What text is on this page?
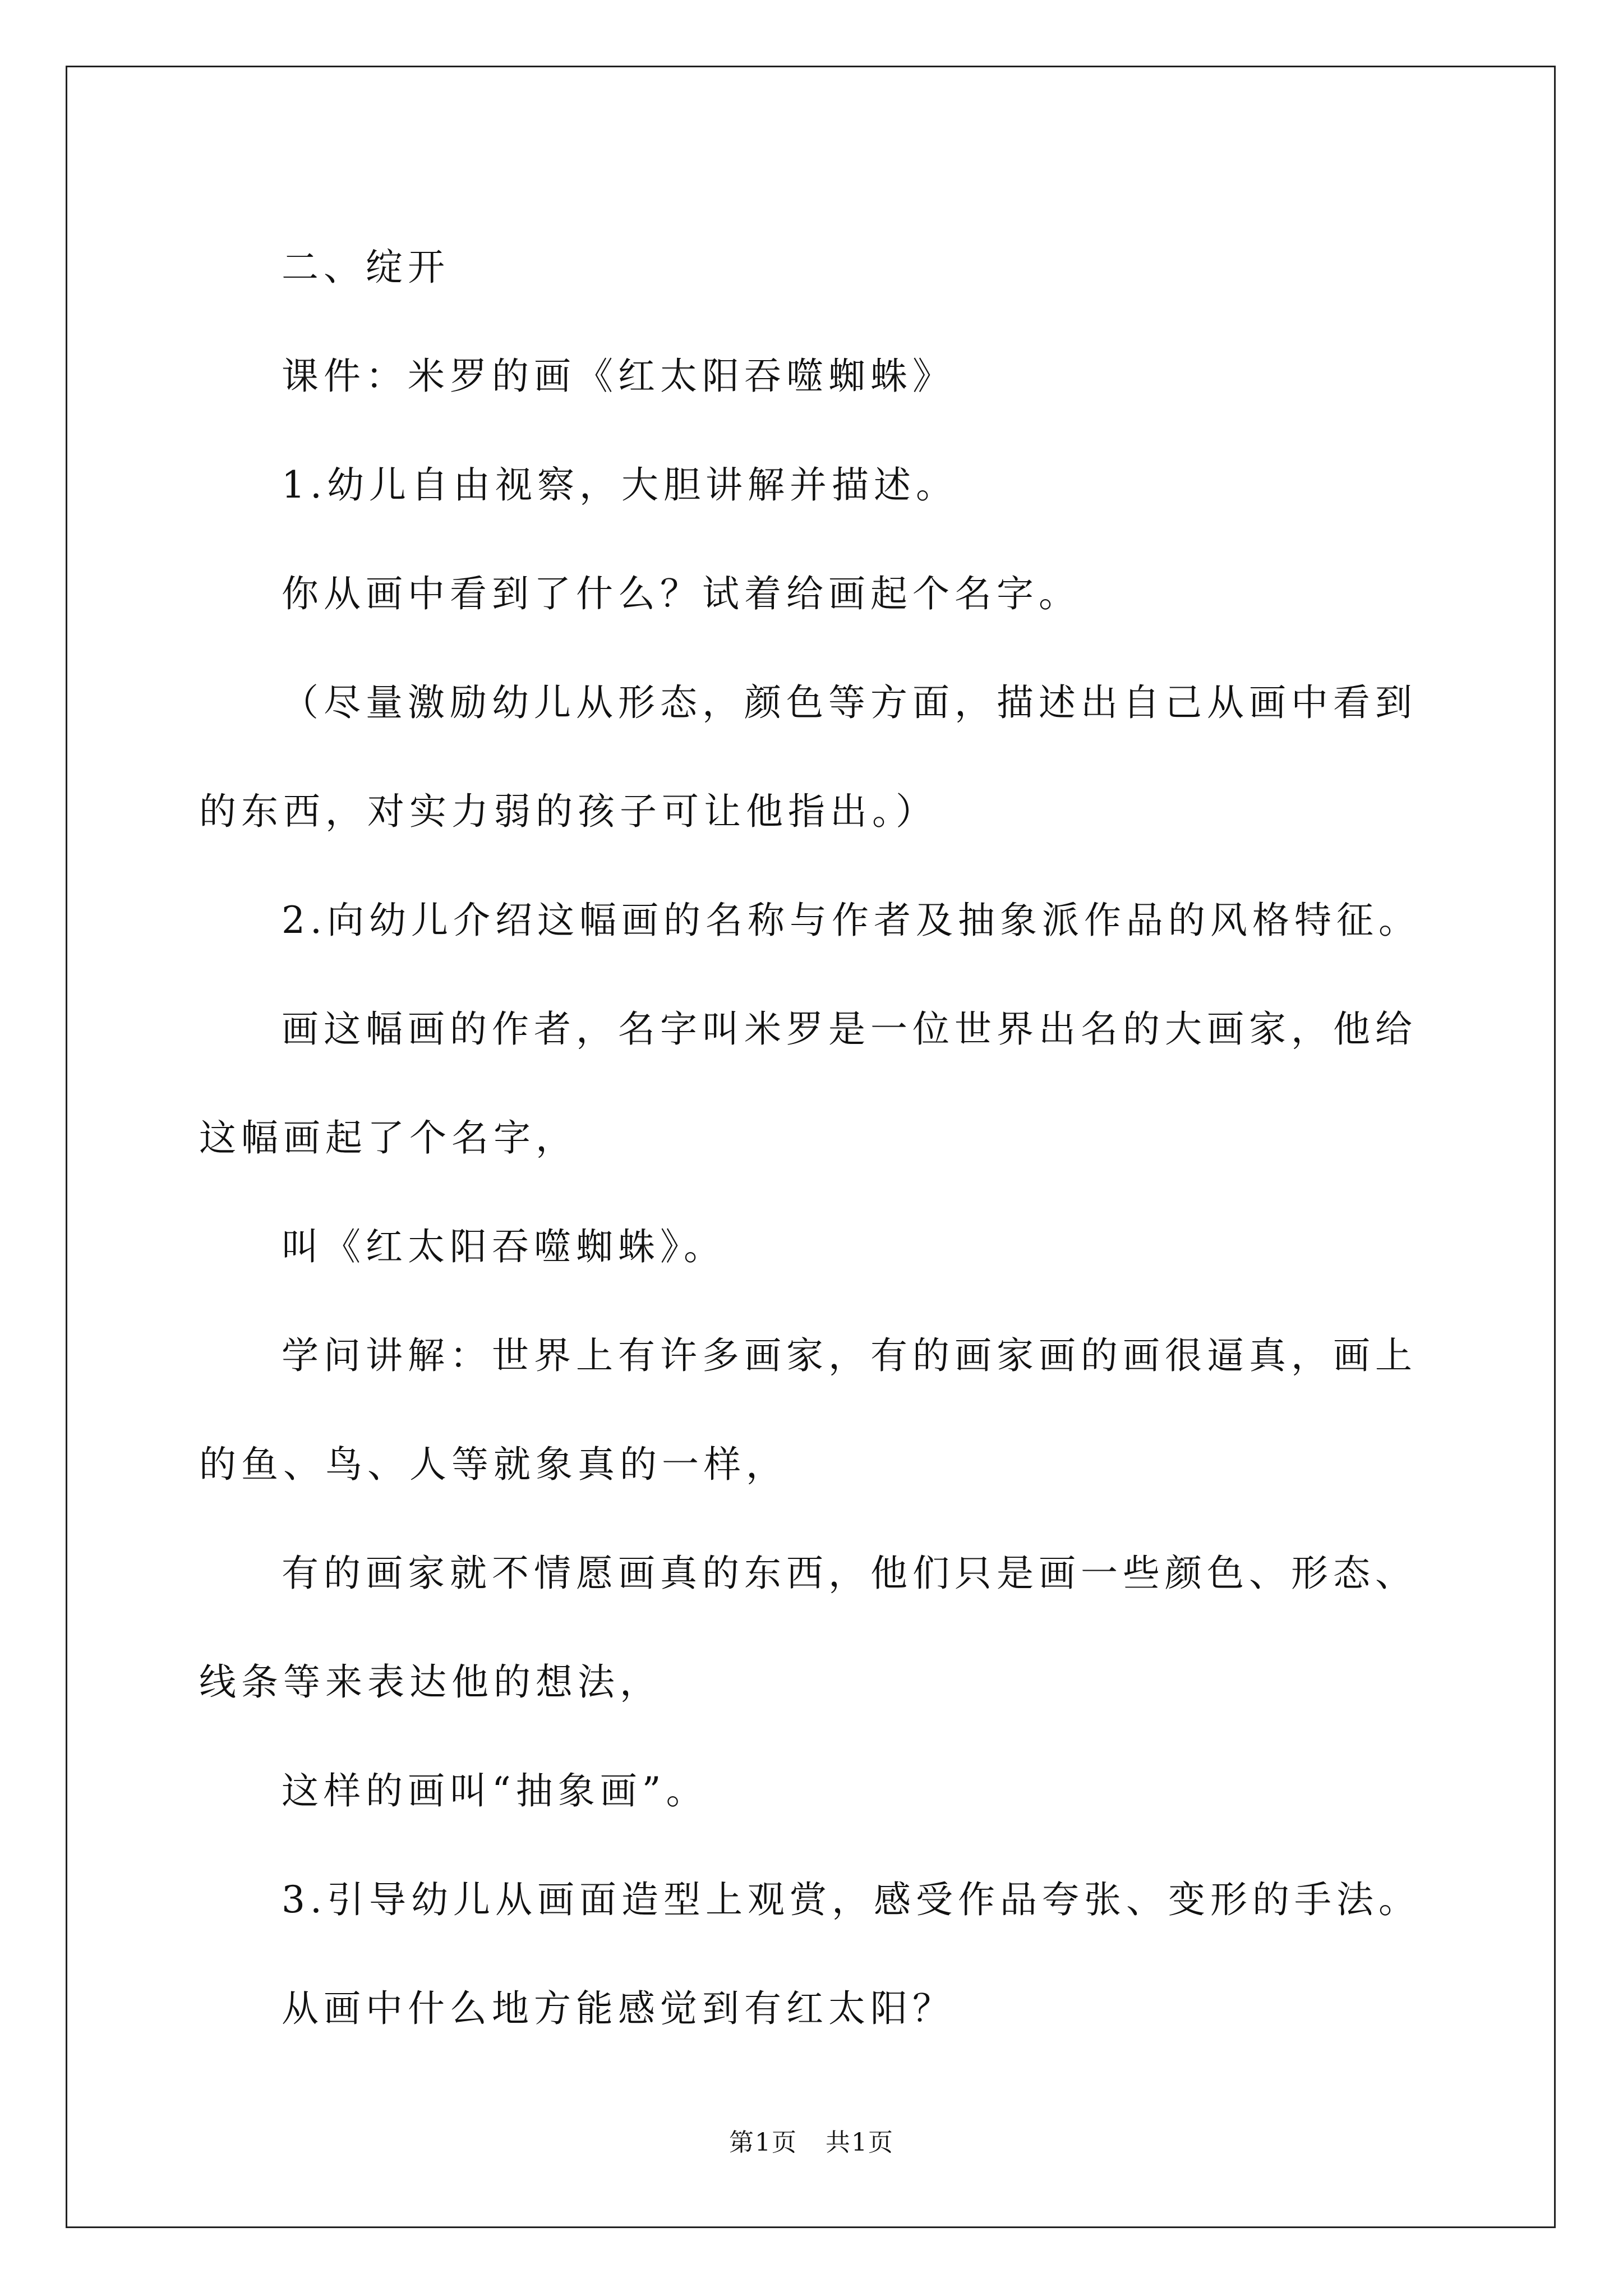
二、绽开

课件：米罗的画《红太阳吞噬蜘蛛》

1.幼儿自由视察，大胆讲解并描述。

你从画中看到了什么？试着给画起个名字。

（尽量激励幼儿从形态，颜色等方面，描述出自己从画中看到的东西，对实力弱的孩子可让他指出。）

2.向幼儿介绍这幅画的名称与作者及抽象派作品的风格特征。

画这幅画的作者，名字叫米罗是一位世界出名的大画家，他给这幅画起了个名字，

叫《红太阳吞噬蜘蛛》。

学问讲解：世界上有许多画家，有的画家画的画很逼真，画上的鱼、鸟、人等就象真的一样，

有的画家就不情愿画真的东西，他们只是画一些颜色、形态、线条等来表达他的想法，

这样的画叫“抽象画”。

3.引导幼儿从画面造型上观赏，感受作品夸张、变形的手法。

从画中什么地方能感觉到有红太阳？

第1页 共1页
